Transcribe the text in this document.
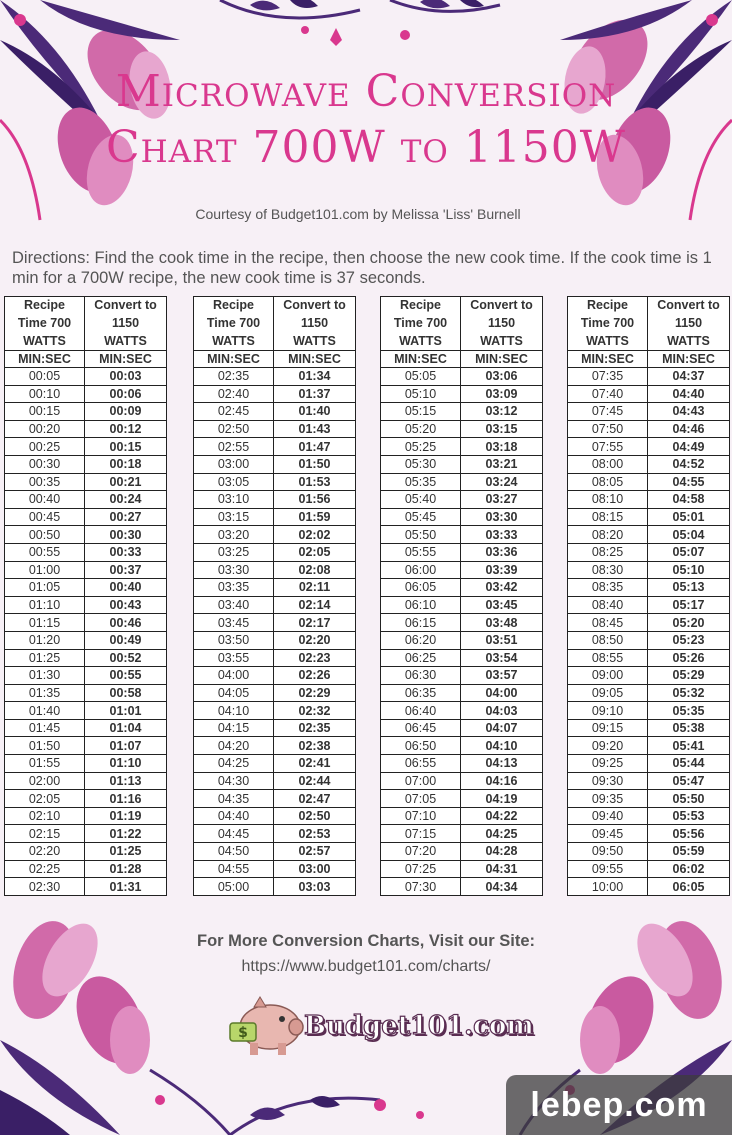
Microwave Conversion
Chart 700W to 1150W
Courtesy of Budget101.com by Melissa 'Liss' Burnell
Directions: Find the cook time in the recipe, then choose the new cook time. If the cook time is 1 min for a 700W recipe, the new cook time is 37 seconds.
Recipe	Convert to
Time 700	1150
WATTS	WATTS
MIN:SEC	MIN:SEC
00:05	00:03
00:10	00:06
00:15	00:09
00:20	00:12
00:25	00:15
00:30	00:18
00:35	00:21
00:40	00:24
00:45	00:27
00:50	00:30
00:55	00:33
01:00	00:37
01:05	00:40
01:10	00:43
01:15	00:46
01:20	00:49
01:25	00:52
01:30	00:55
01:35	00:58
01:40	01:01
01:45	01:04
01:50	01:07
01:55	01:10
02:00	01:13
02:05	01:16
02:10	01:19
02:15	01:22
02:20	01:25
02:25	01:28
02:30	01:31
Recipe	Convert to
Time 700	1150
WATTS	WATTS
MIN:SEC	MIN:SEC
02:35	01:34
02:40	01:37
02:45	01:40
02:50	01:43
02:55	01:47
03:00	01:50
03:05	01:53
03:10	01:56
03:15	01:59
03:20	02:02
03:25	02:05
03:30	02:08
03:35	02:11
03:40	02:14
03:45	02:17
03:50	02:20
03:55	02:23
04:00	02:26
04:05	02:29
04:10	02:32
04:15	02:35
04:20	02:38
04:25	02:41
04:30	02:44
04:35	02:47
04:40	02:50
04:45	02:53
04:50	02:57
04:55	03:00
05:00	03:03
Recipe	Convert to
Time 700	1150
WATTS	WATTS
MIN:SEC	MIN:SEC
05:05	03:06
05:10	03:09
05:15	03:12
05:20	03:15
05:25	03:18
05:30	03:21
05:35	03:24
05:40	03:27
05:45	03:30
05:50	03:33
05:55	03:36
06:00	03:39
06:05	03:42
06:10	03:45
06:15	03:48
06:20	03:51
06:25	03:54
06:30	03:57
06:35	04:00
06:40	04:03
06:45	04:07
06:50	04:10
06:55	04:13
07:00	04:16
07:05	04:19
07:10	04:22
07:15	04:25
07:20	04:28
07:25	04:31
07:30	04:34
Recipe	Convert to
Time 700	1150
WATTS	WATTS
MIN:SEC	MIN:SEC
07:35	04:37
07:40	04:40
07:45	04:43
07:50	04:46
07:55	04:49
08:00	04:52
08:05	04:55
08:10	04:58
08:15	05:01
08:20	05:04
08:25	05:07
08:30	05:10
08:35	05:13
08:40	05:17
08:45	05:20
08:50	05:23
08:55	05:26
09:00	05:29
09:05	05:32
09:10	05:35
09:15	05:38
09:20	05:41
09:25	05:44
09:30	05:47
09:35	05:50
09:40	05:53
09:45	05:56
09:50	05:59
09:55	06:02
10:00	06:05
For More Conversion Charts, Visit our Site:
https://www.budget101.com/charts/
$ Budget101.com
lebep.com
